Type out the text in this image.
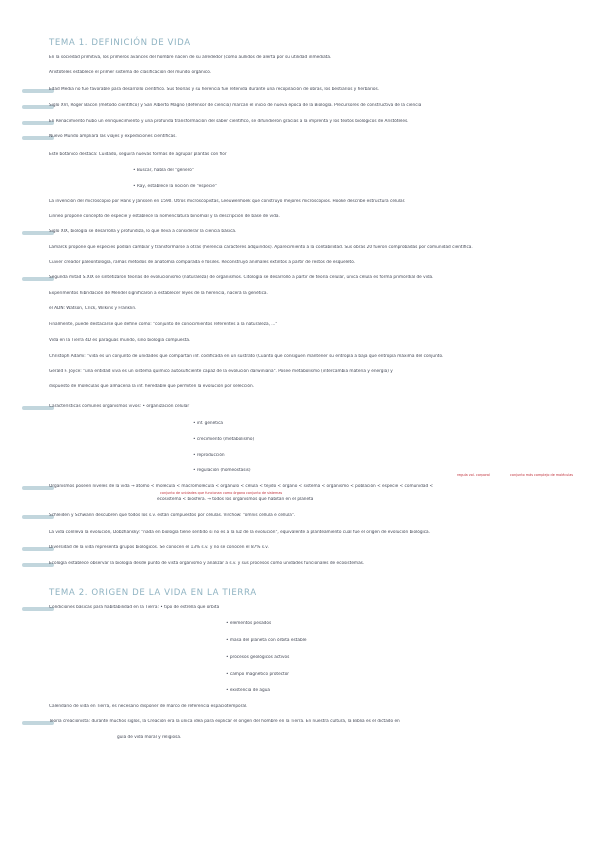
TEMA 1. DEFINICIÓN DE VIDA
En la sociedad primitiva, los primeros avances del hombre nacen de su alrededor (como aullidos de alerta por su utilidad inmediata.
Aristóteles establece el primer sistema de clasificación del mundo orgánico.
Edad Media no fue favorable para desarrollo científico. Sus teorías y su herencia fue retenida durante una recopilación de obras, los bestiarios y herbarios.
Siglo XVI, Roger Bacon (método científico) y San Alberto Magno (defensor de ciencia) marcan el inicio de nueva época de la Biología. Precursores de constructiva de la ciencia
En Renacimiento hubo un enriquecimiento y una profunda transformación del saber científico, se difundieron gracias a la imprenta y los textos biológicos de Aristóteles.
Nuevo Mundo ampliará las viajes y expediciones científicas.
Este botánico destaca: Cuidado, seguirá nuevas formas de agrupar plantas con flor
• Buscar, habla del "género"
• Ray, establece la noción de "especie"
La invención del microscopio por Hans y Janssen en 1590. Otros microscopistas, Leeuwenhoek que construyó mejores microscopios. Hooke describe estructura celular.
Linneo propone concepto de especie y establece la nomenclatura binomial y la descripción de base de vida.
Siglo XIX, biología se desarrolla y profundiza, lo que lleva a considerar la ciencia básica.
Lamarck propone que especies podían cambiar y transformarse a otras (herencia caracteres adquiridos). Aparecimiento a la contabilidad. Sus obras 20 fueron comprobadas por comunidad científica.
Cuvier creador paleontología, ramas métodos de anatomía comparada e fósiles. Reconstruyó animales extintos a partir de restos de esqueleto.
Segunda mitad S.XIX se sintetizaron teorías de evolucionismo (naturaleza) de organismos. Citología se desarrolló a partir de teoría celular, única célula es forma primordial de vida.
Experimentos hibridación de Mendel significaron a establecer leyes de la herencia, nacerá la genética.
el ADN: Watson, Crick, Wilkins y Franklin.
Finalmente, puede destacarse que define como: "conjunto de conocimientos referentes a la naturaleza, ..."
Vida en la Tierra 4D es paraguas mundo, sino biología compuesta.
Christoph Adami: "vida es un conjunto de unidades que compartan inf. codificada en un sustrato (Cuanto que consiguen mantener su entropía a baja que entropía máxima del conjunto.
Gerald F. Joyce: "una entidad viva es un sistema químico autosuficiente capaz de la evolución darwiniana". Posee metabolismo (intercambia materia y energía) y
dispuesto de moléculas que almacena la inf. heredable que permiten la evolución por selección.
Características comunes organismos vivos: • organización celular
• inf. genética
• crecimiento (metabolismo)
• reproducción
• regulación (homeostasis)
regula vol. corporal	conjunto más complejo de moléculas
Organismos poseen niveles de la vida → átomo < molécula < macromolécula < orgánulo < célula < tejido < órgano < sistema < organismo < población < especie < comunidad <
conjunto de unidades que funcionan como órgano conjunto de sistemas
ecosistema < biosfera. → todos los organismos que habitan en el planeta
Schleiden y Schwann descubren que todos los s.v. están compuestos por células. Virchow: "omnis cellula e cellula".
La vida conlleva la evolución, Dobzhansky: "nada en biología tiene sentido si no es a la luz de la evolución", equivalente a planteamiento cual fue el origen de evolución biológica.
Diversidad de la vida representa grupos biológicos. Se conocen el 13% s.v. y no se conocen el 87% s.v.
Ecología establece observar la biología desde punto de vista organismo y analizar a s.v. y sus procesos como unidades funcionales de ecosistemas.
TEMA 2. ORIGEN DE LA VIDA EN LA TIERRA
Condiciones básicas para habitabilidad en la Tierra: • tipo de estrella que orbita
• elementos pesados
• masa del planeta con órbita estable
• procesos geológicos activos
• campo magnético protector
• existencia de agua
Calendario de vida en Tierra, es necesario disponer de marco de referencia espaciotemporal.
Teoría creacionista: durante muchos siglos, la Creación era la única idea para explicar el origen del hombre en la Tierra. En nuestra cultura, la Biblia es el dictado en
guía de vida moral y religiosa.
